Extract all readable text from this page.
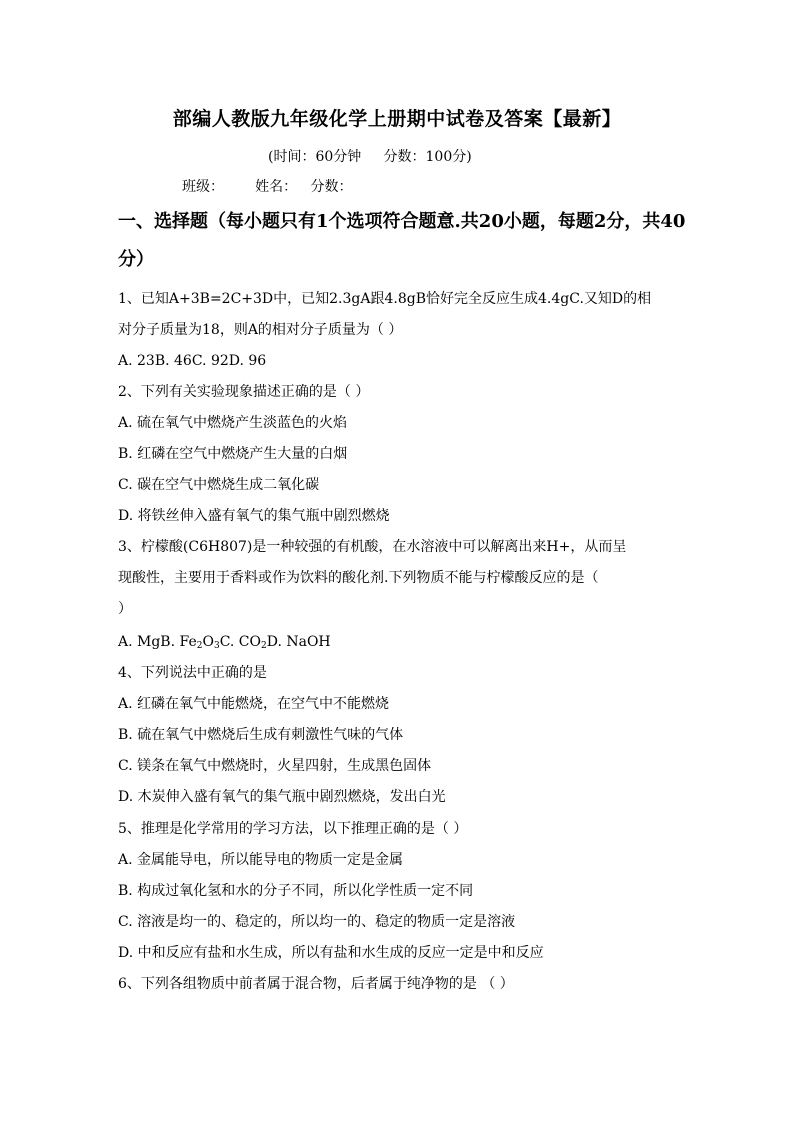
部编人教版九年级化学上册期中试卷及答案【最新】
(时间：60分钟     分数：100分)
班级：       姓名：   分数：
一、选择题（每小题只有1个选项符合题意.共20小题，每题2分，共40分）
1、已知A+3B=2C+3D中，已知2.3gA跟4.8gB恰好完全反应生成4.4gC.又知D的相
对分子质量为18，则A的相对分子质量为（ ）
A. 23B. 46C. 92D. 96
2、下列有关实验现象描述正确的是（ ）
A. 硫在氧气中燃烧产生淡蓝色的火焰
B. 红磷在空气中燃烧产生大量的白烟
C. 碳在空气中燃烧生成二氧化碳
D. 将铁丝伸入盛有氧气的集气瓶中剧烈燃烧
3、柠檬酸(C6H807)是一种较强的有机酸，在水溶液中可以解离出来H+，从而呈
现酸性，主要用于香料或作为饮料的酸化剂.下列物质不能与柠檬酸反应的是（
）
A. MgB. $Fe_2O_3C$. $CO_2D$. NaOH
4、下列说法中正确的是
A. 红磷在氧气中能燃烧，在空气中不能燃烧
B. 硫在氧气中燃烧后生成有刺激性气味的气体
C. 镁条在氧气中燃烧时，火星四射，生成黑色固体
D. 木炭伸入盛有氧气的集气瓶中剧烈燃烧，发出白光
5、推理是化学常用的学习方法，以下推理正确的是（ ）
A. 金属能导电，所以能导电的物质一定是金属
B. 构成过氧化氢和水的分子不同，所以化学性质一定不同
C. 溶液是均一的、稳定的，所以均一的、稳定的物质一定是溶液
D. 中和反应有盐和水生成，所以有盐和水生成的反应一定是中和反应
6、下列各组物质中前者属于混合物，后者属于纯净物的是 （ ）
